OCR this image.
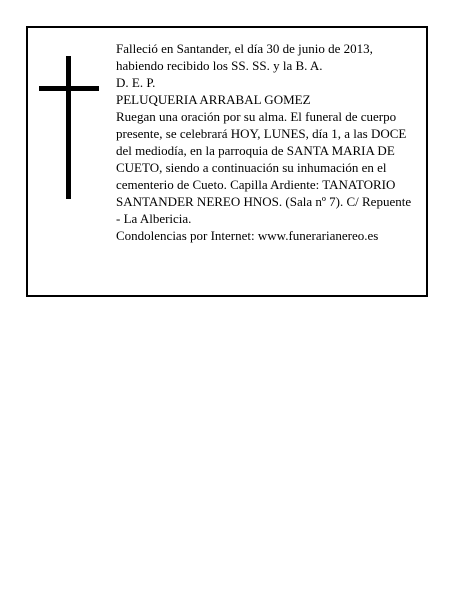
Falleció en Santander, el día 30 de junio de 2013, habiendo recibido los SS. SS. y la B. A.

D. E. P.

PELUQUERIA ARRABAL GOMEZ

Ruegan una oración por su alma. El funeral de cuerpo presente, se celebrará HOY, LUNES, día 1, a las DOCE del mediodía, en la parroquia de SANTA MARIA DE CUETO, siendo a continuación su inhumación en el cementerio de Cueto. Capilla Ardiente: TANATORIO SANTANDER NEREO HNOS. (Sala nº 7). C/ Repuente - La Albericia.

Condolencias por Internet: www.funerarianereo.es
